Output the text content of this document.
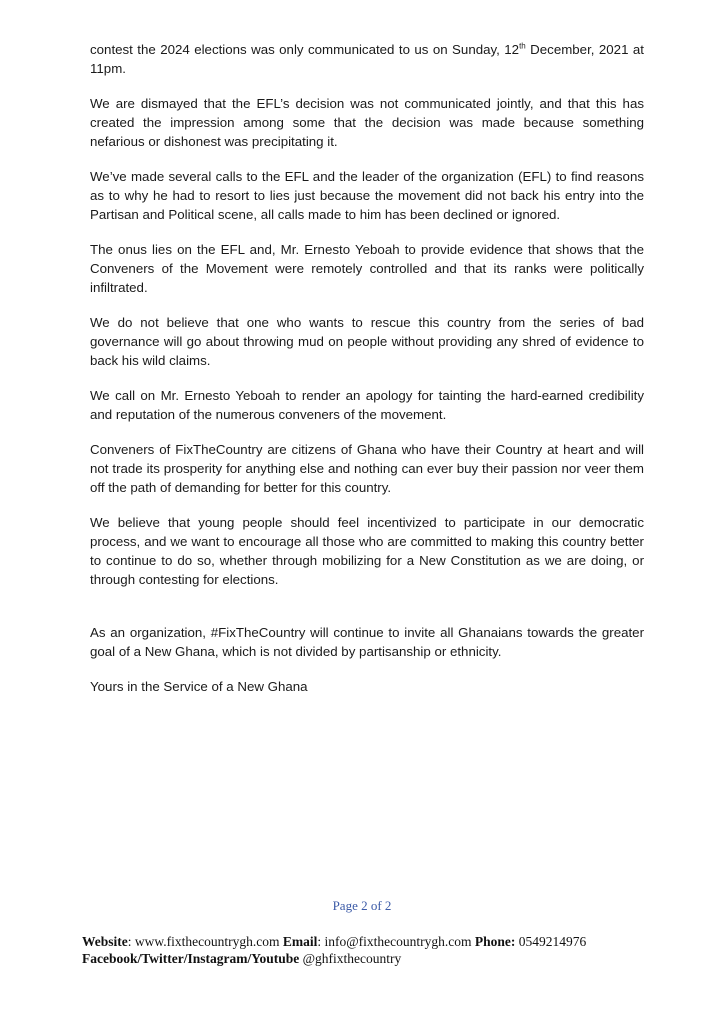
contest the 2024 elections was only communicated to us on Sunday, 12th December, 2021 at 11pm.

We are dismayed that the EFL’s decision was not communicated jointly, and that this has created the impression among some that the decision was made because something nefarious or dishonest was precipitating it.

We’ve made several calls to the EFL and the leader of the organization (EFL) to find reasons as to why he had to resort to lies just because the movement did not back his entry into the Partisan and Political scene, all calls made to him has been declined or ignored.

The onus lies on the EFL and, Mr. Ernesto Yeboah to provide evidence that shows that the Conveners of the Movement were remotely controlled and that its ranks were politically infiltrated.

We do not believe that one who wants to rescue this country from the series of bad governance will go about throwing mud on people without providing any shred of evidence to back his wild claims.

We call on Mr. Ernesto Yeboah to render an apology for tainting the hard-earned credibility and reputation of the numerous conveners of the movement.

Conveners of FixTheCountry are citizens of Ghana who have their Country at heart and will not trade its prosperity for anything else and nothing can ever buy their passion nor veer them off the path of demanding for better for this country.

We believe that young people should feel incentivized to participate in our democratic process, and we want to encourage all those who are committed to making this country better to continue to do so, whether through mobilizing for a New Constitution as we are doing, or through contesting for elections.

As an organization, #FixTheCountry will continue to invite all Ghanaians towards the greater goal of a New Ghana, which is not divided by partisanship or ethnicity.

Yours in the Service of a New Ghana

Page 2 of 2
Website: www.fixthecountrygh.com Email: info@fixthecountrygh.com Phone: 0549214976
Facebook/Twitter/Instagram/Youtube @ghfixthecountry
